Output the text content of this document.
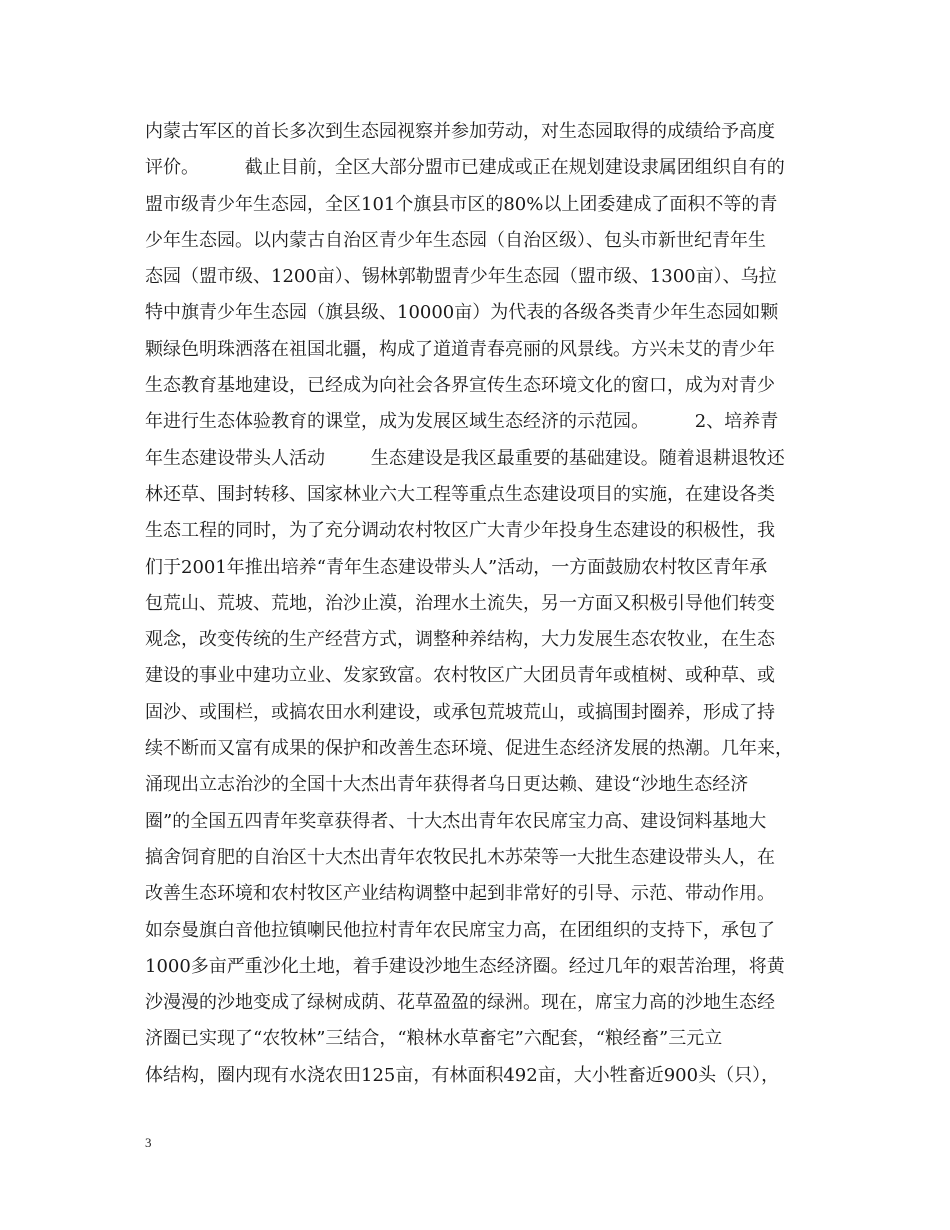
内蒙古军区的首长多次到生态园视察并参加劳动，对生态园取得的成绩给予高度
评价。        截止目前，全区大部分盟市已建成或正在规划建设隶属团组织自有的
盟市级青少年生态园，全区101个旗县市区的80%以上团委建成了面积不等的青
少年生态园。以内蒙古自治区青少年生态园（自治区级）、包头市新世纪青年生
态园（盟市级、1200亩）、锡林郭勒盟青少年生态园（盟市级、1300亩）、乌拉
特中旗青少年生态园（旗县级、10000亩）为代表的各级各类青少年生态园如颗
颗绿色明珠洒落在祖国北疆，构成了道道青春亮丽的风景线。方兴未艾的青少年
生态教育基地建设，已经成为向社会各界宣传生态环境文化的窗口，成为对青少
年进行生态体验教育的课堂，成为发展区域生态经济的示范园。        2、培养青
年生态建设带头人活动        生态建设是我区最重要的基础建设。随着退耕退牧还
林还草、围封转移、国家林业六大工程等重点生态建设项目的实施，在建设各类
生态工程的同时，为了充分调动农村牧区广大青少年投身生态建设的积极性，我
们于2001年推出培养“青年生态建设带头人”活动，一方面鼓励农村牧区青年承
包荒山、荒坡、荒地，治沙止漠，治理水土流失，另一方面又积极引导他们转变
观念，改变传统的生产经营方式，调整种养结构，大力发展生态农牧业，在生态
建设的事业中建功立业、发家致富。农村牧区广大团员青年或植树、或种草、或
固沙、或围栏，或搞农田水利建设，或承包荒坡荒山，或搞围封圈养，形成了持
续不断而又富有成果的保护和改善生态环境、促进生态经济发展的热潮。几年来，
涌现出立志治沙的全国十大杰出青年获得者乌日更达赖、建设“沙地生态经济
圈”的全国五四青年奖章获得者、十大杰出青年农民席宝力高、建设饲料基地大
搞舍饲育肥的自治区十大杰出青年农牧民扎木苏荣等一大批生态建设带头人，在
改善生态环境和农村牧区产业结构调整中起到非常好的引导、示范、带动作用。
如奈曼旗白音他拉镇喇民他拉村青年农民席宝力高，在团组织的支持下，承包了
1000多亩严重沙化土地，着手建设沙地生态经济圈。经过几年的艰苦治理，将黄
沙漫漫的沙地变成了绿树成荫、花草盈盈的绿洲。现在，席宝力高的沙地生态经
济圈已实现了“农牧林”三结合，“粮林水草畜宅”六配套，“粮经畜”三元立
体结构，圈内现有水浇农田125亩，有林面积492亩，大小牲畜近900头（只），
3
